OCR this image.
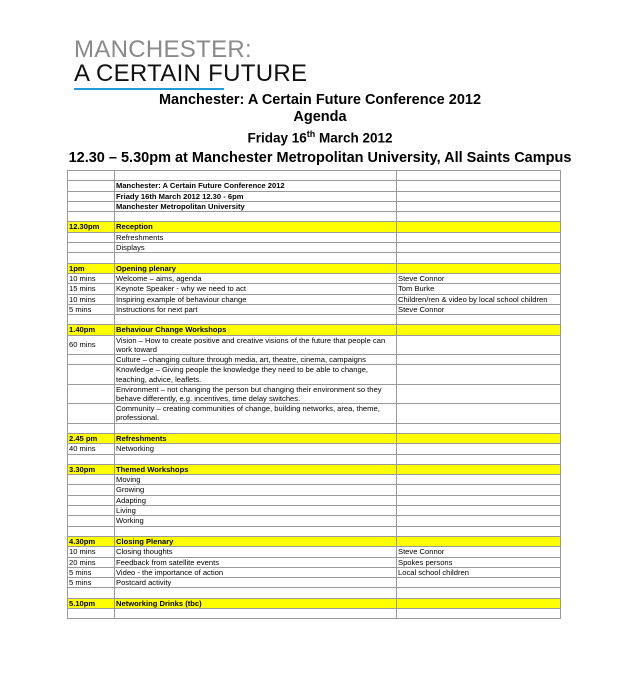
MANCHESTER:
A CERTAIN FUTURE
Manchester: A Certain Future Conference 2012
Agenda
Friday 16th March 2012
12.30 – 5.30pm at Manchester Metropolitan University, All Saints Campus

	Manchester: A Certain Future Conference 2012	
	Friady 16th March 2012 12.30 - 6pm	
	Manchester Metropolitan University	

12.30pm	Reception	
	Refreshments	
	Displays	

1pm	Opening plenary	
10 mins	Welcome – aims, agenda	Steve Connor
15 mins	Keynote Speaker - why we need to act	Tom Burke
10 mins	Inspiring example of behaviour change	Children/ren & video by local school children
5 mins	Instructions for next part	Steve Connor

1.40pm	Behaviour Change Workshops	
60 mins	Vision – How to create positive and creative visions of the future that people can work toward	
	Culture – changing culture through media, art, theatre, cinema, campaigns	
	Knowledge – Giving people the knowledge they need to be able to change, teaching, advice, leaflets.	
	Environment – not changing the person but changing their environment so they behave differently, e.g. incentives, time delay switches.	
	Community – creating communities of change, building networks, area, theme, professional.	

2.45 pm	Refreshments	
40 mins	Networking	

3.30pm	Themed Workshops	
	Moving	
	Growing	
	Adapting	
	Living	
	Working	

4.30pm	Closing Plenary	
10 mins	Closing thoughts	Steve Connor
20 mins	Feedback from satellite events	Spokes persons
5 mins	Video - the importance of action	Local school children
5 mins	Postcard activity	

5.10pm	Networking Drinks (tbc)	
